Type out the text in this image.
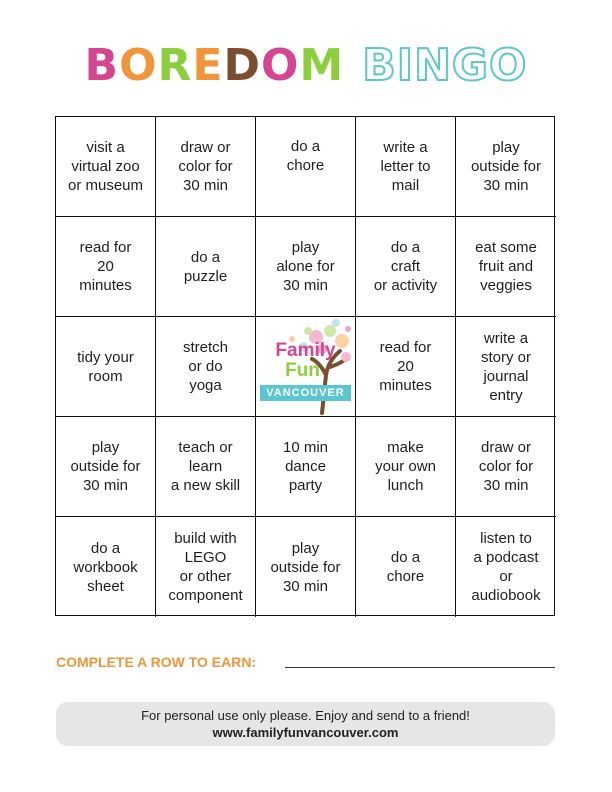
BOREDOM BINGO
visit a
virtual zoo
or museum
draw or
color for
30 min
do a
chore
write a
letter to
mail
play
outside for
30 min
read for
20
minutes
do a
puzzle
play
alone for
30 min
do a
craft
or activity
eat some
fruit and
veggies
tidy your
room
stretch
or do
yoga
Family
Fun
VANCOUVER
read for
20
minutes
write a
story or
journal
entry
play
outside for
30 min
teach or
learn
a new skill
10 min
dance
party
make
your own
lunch
draw or
color for
30 min
do a
workbook
sheet
build with
LEGO
or other
component
play
outside for
30 min
do a
chore
listen to
a podcast
or
audiobook
COMPLETE A ROW TO EARN:
For personal use only please. Enjoy and send to a friend!
www.familyfunvancouver.com
